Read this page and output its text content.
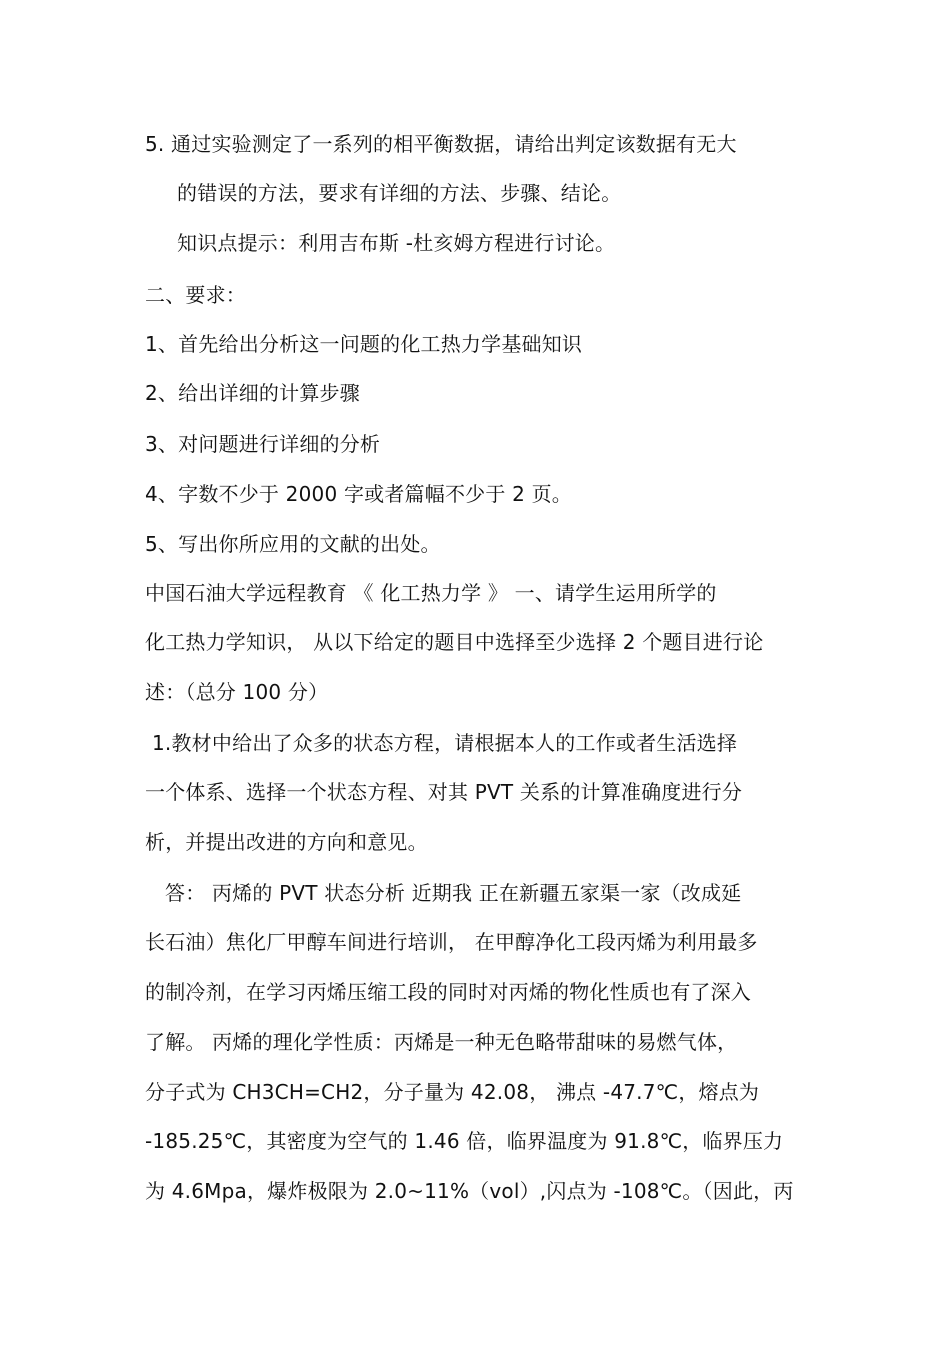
5. 通过实验测定了一系列的相平衡数据，请给出判定该数据有无大
的错误的方法，要求有详细的方法、步骤、结论。
知识点提示：利用吉布斯 -杜亥姆方程进行讨论。
二、要求：
1、首先给出分析这一问题的化工热力学基础知识
2、给出详细的计算步骤
3、对问题进行详细的分析
4、字数不少于 2000 字或者篇幅不少于 2 页。
5、写出你所应用的文献的出处。
中国石油大学远程教育 《 化工热力学 》 一、请学生运用所学的
化工热力学知识， 从以下给定的题目中选择至少选择 2 个题目进行论
述：（总分 100 分）
1.教材中给出了众多的状态方程，请根据本人的工作或者生活选择
一个体系、选择一个状态方程、对其 PVT 关系的计算准确度进行分
析，并提出改进的方向和意见。
答： 丙烯的 PVT 状态分析 近期我 正在新疆五家渠一家（改成延
长石油）焦化厂甲醇车间进行培训， 在甲醇净化工段丙烯为利用最多
的制冷剂，在学习丙烯压缩工段的同时对丙烯的物化性质也有了深入
了解。 丙烯的理化学性质：丙烯是一种无色略带甜味的易燃气体，
分子式为 CH3CH=CH2，分子量为 42.08， 沸点 -47.7℃，熔点为
-185.25℃，其密度为空气的 1.46 倍，临界温度为 91.8℃，临界压力
为 4.6Mpa，爆炸极限为 2.0~11%（vol）,闪点为 -108℃。（因此，丙
